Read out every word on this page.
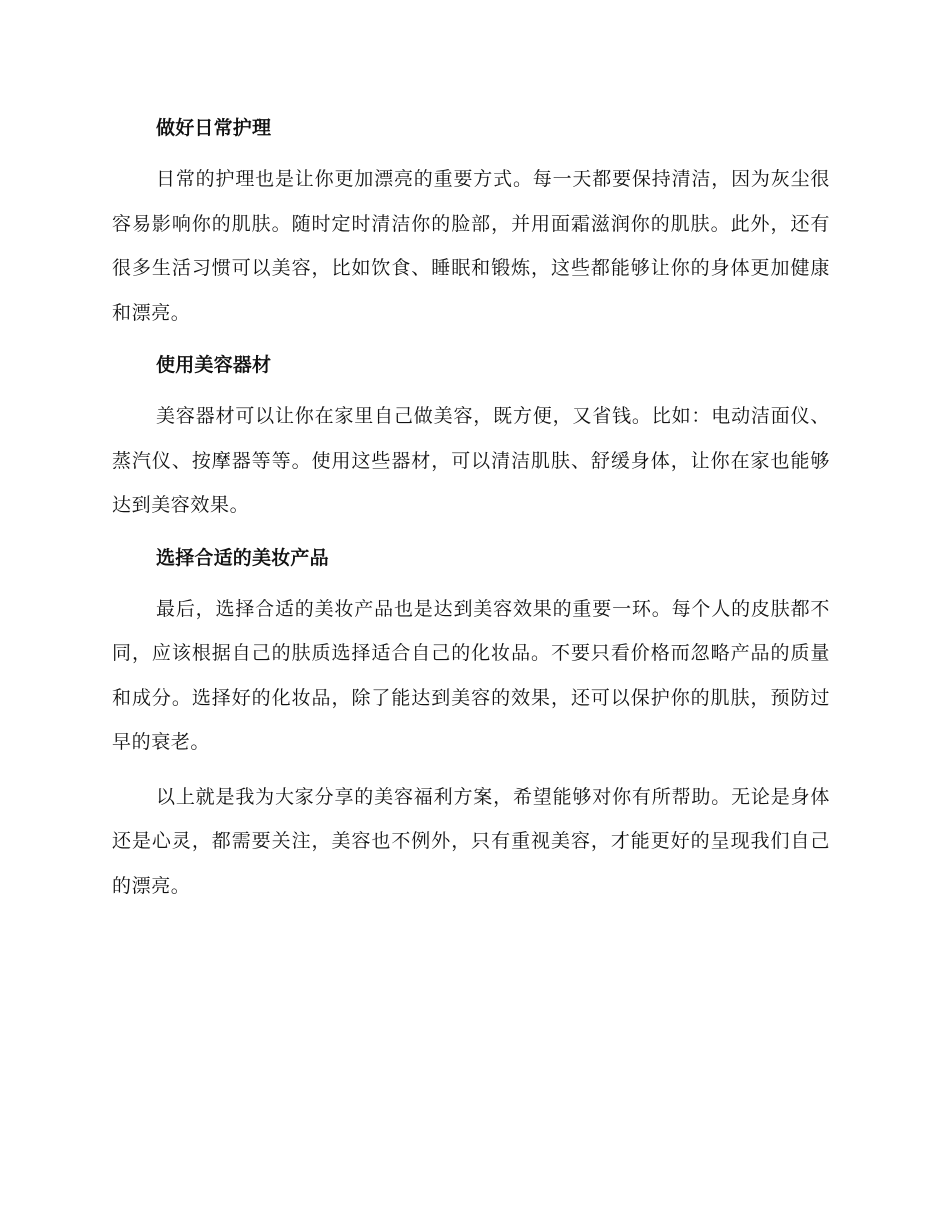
做好日常护理

日常的护理也是让你更加漂亮的重要方式。每一天都要保持清洁，因为灰尘很容易影响你的肌肤。随时定时清洁你的脸部，并用面霜滋润你的肌肤。此外，还有很多生活习惯可以美容，比如饮食、睡眠和锻炼，这些都能够让你的身体更加健康和漂亮。

使用美容器材

美容器材可以让你在家里自己做美容，既方便，又省钱。比如：电动洁面仪、蒸汽仪、按摩器等等。使用这些器材，可以清洁肌肤、舒缓身体，让你在家也能够达到美容效果。

选择合适的美妆产品

最后，选择合适的美妆产品也是达到美容效果的重要一环。每个人的皮肤都不同，应该根据自己的肤质选择适合自己的化妆品。不要只看价格而忽略产品的质量和成分。选择好的化妆品，除了能达到美容的效果，还可以保护你的肌肤，预防过早的衰老。

以上就是我为大家分享的美容福利方案，希望能够对你有所帮助。无论是身体还是心灵，都需要关注，美容也不例外，只有重视美容，才能更好的呈现我们自己的漂亮。
